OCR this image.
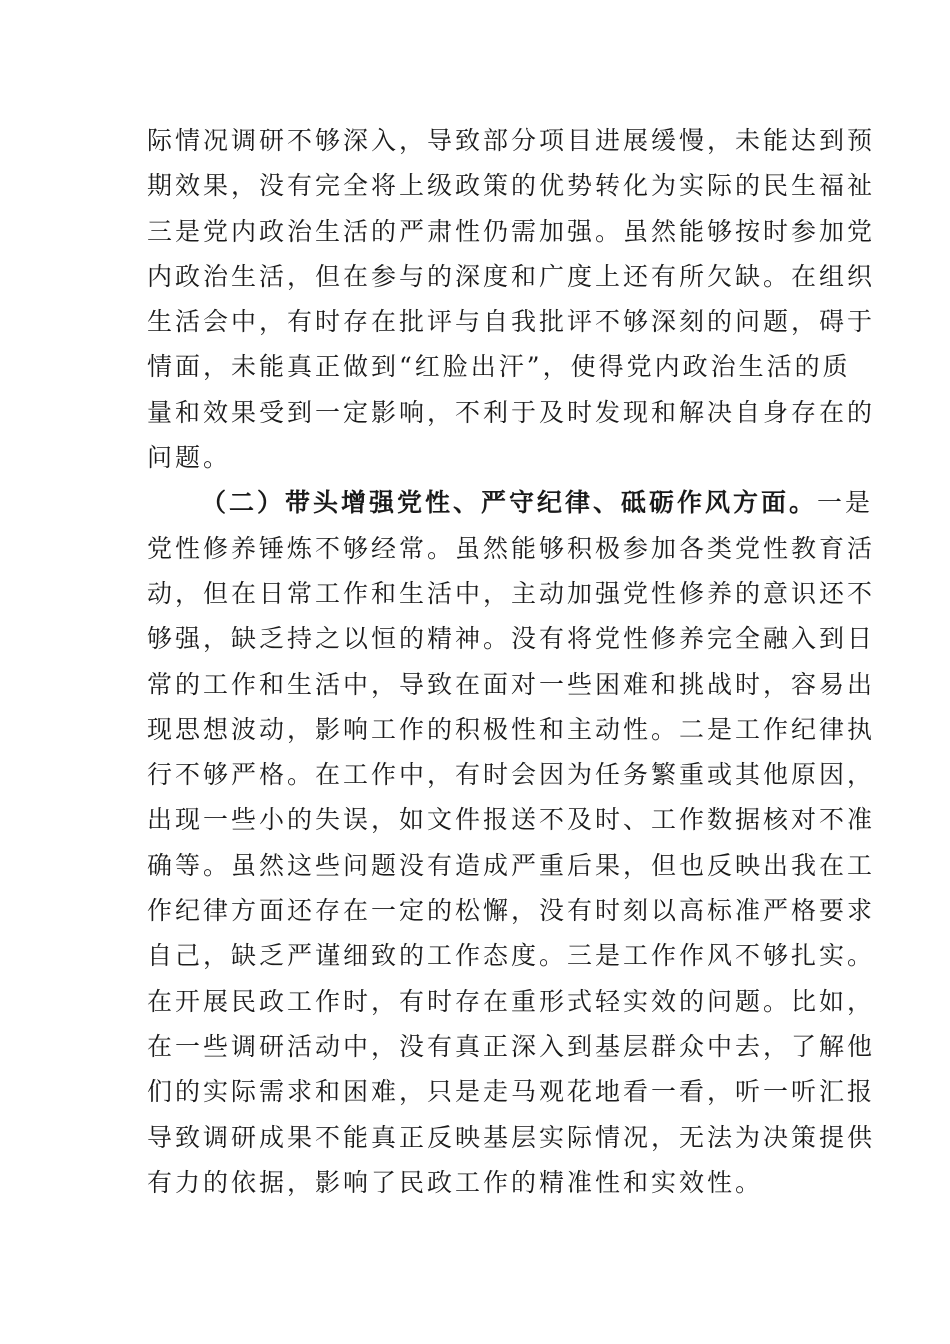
际情况调研不够深入，导致部分项目进展缓慢，未能达到预
期效果，没有完全将上级政策的优势转化为实际的民生福祉
三是党内政治生活的严肃性仍需加强。虽然能够按时参加党
内政治生活，但在参与的深度和广度上还有所欠缺。在组织
生活会中，有时存在批评与自我批评不够深刻的问题，碍于
情面，未能真正做到“红脸出汗”，使得党内政治生活的质
量和效果受到一定影响，不利于及时发现和解决自身存在的
问题。
（二）带头增强党性、严守纪律、砥砺作风方面。一是
党性修养锤炼不够经常。虽然能够积极参加各类党性教育活
动，但在日常工作和生活中，主动加强党性修养的意识还不
够强，缺乏持之以恒的精神。没有将党性修养完全融入到日
常的工作和生活中，导致在面对一些困难和挑战时，容易出
现思想波动，影响工作的积极性和主动性。二是工作纪律执
行不够严格。在工作中，有时会因为任务繁重或其他原因，
出现一些小的失误，如文件报送不及时、工作数据核对不准
确等。虽然这些问题没有造成严重后果，但也反映出我在工
作纪律方面还存在一定的松懈，没有时刻以高标准严格要求
自己，缺乏严谨细致的工作态度。三是工作作风不够扎实。
在开展民政工作时，有时存在重形式轻实效的问题。比如，
在一些调研活动中，没有真正深入到基层群众中去，了解他
们的实际需求和困难，只是走马观花地看一看，听一听汇报
导致调研成果不能真正反映基层实际情况，无法为决策提供
有力的依据，影响了民政工作的精准性和实效性。
